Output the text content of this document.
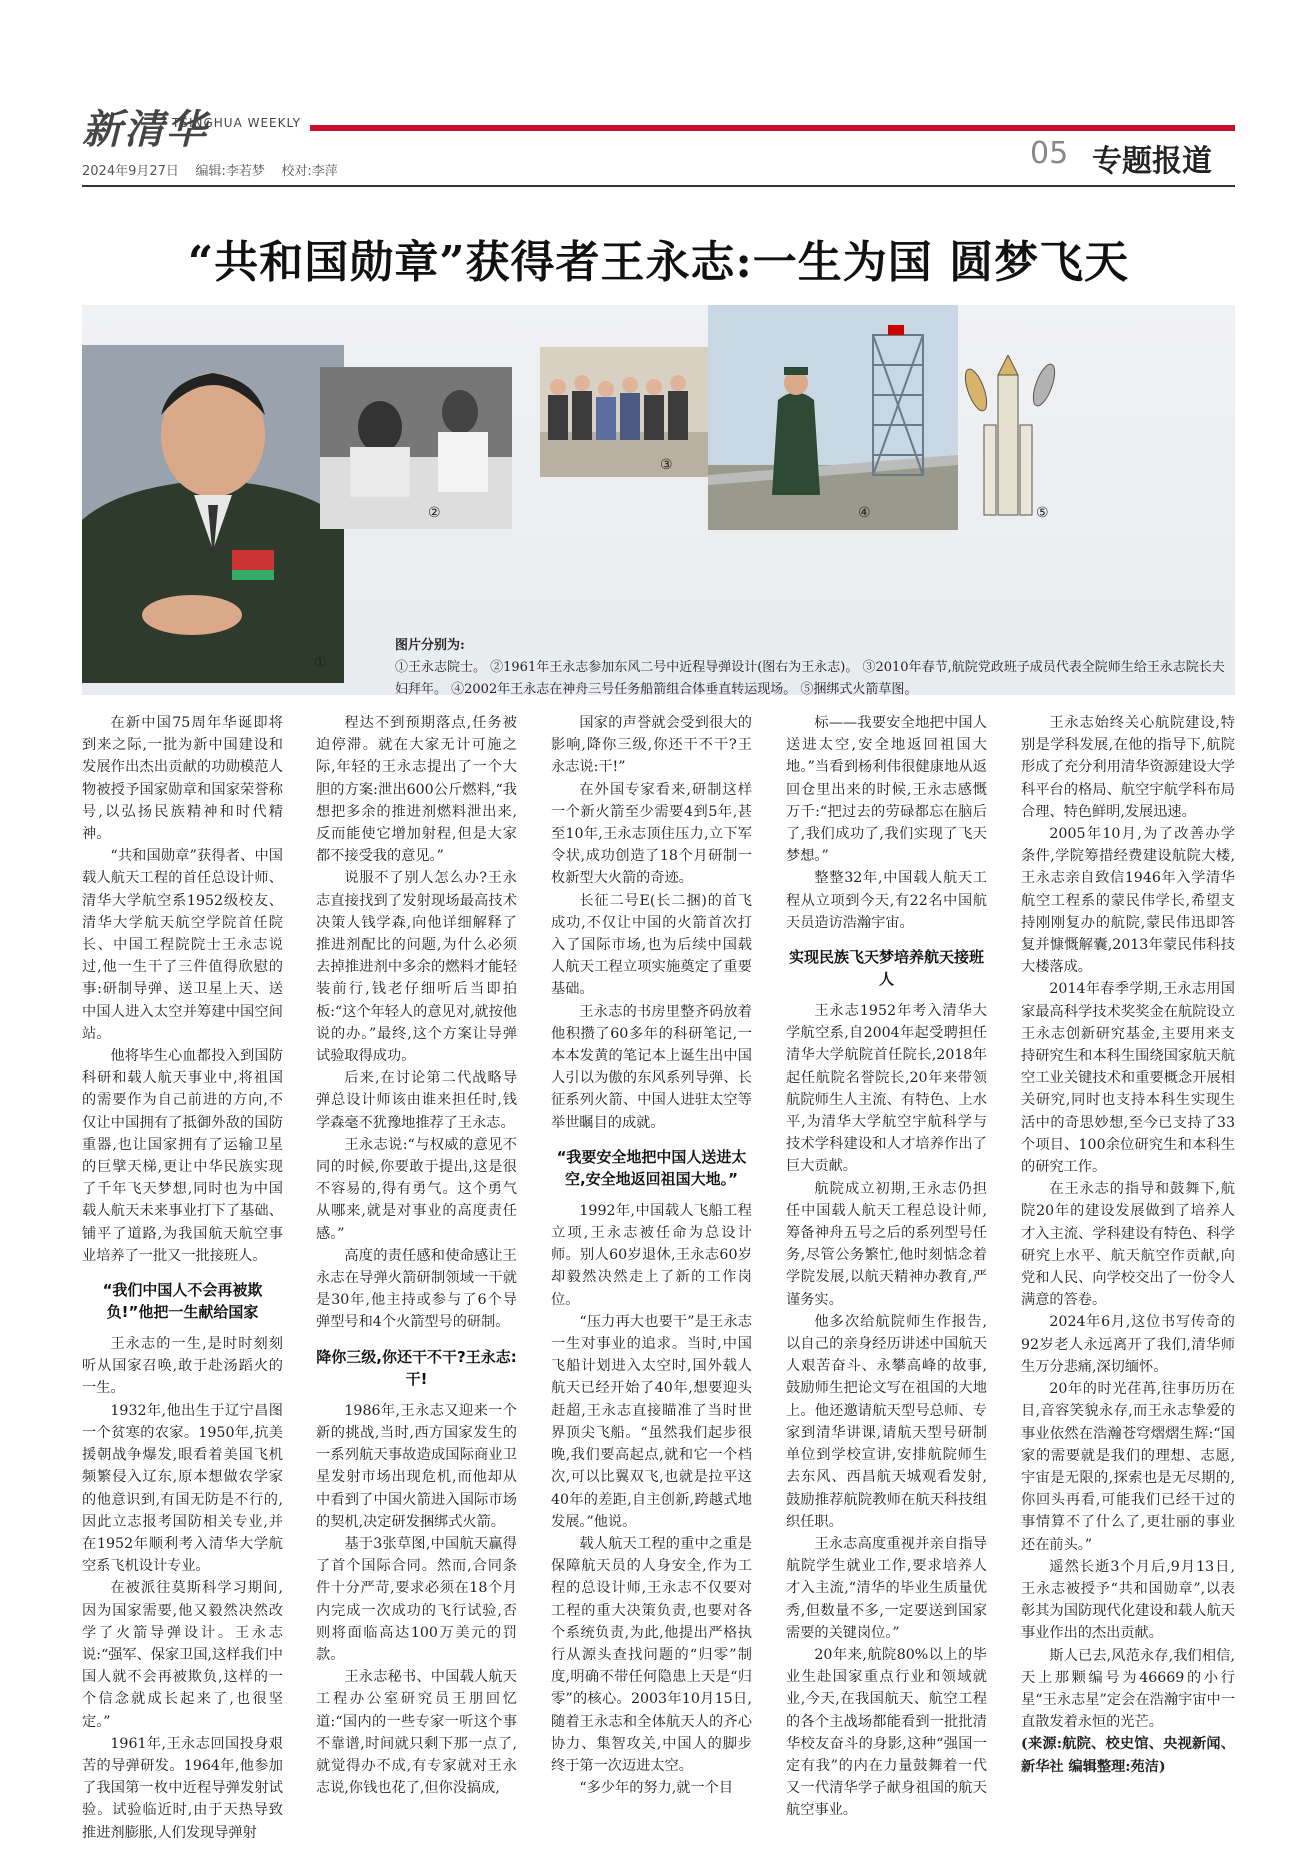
新清华
TSINGHUA WEEKLY
2024年9月27日 编辑:李若梦 校对:李萍
05 专题报道
“共和国勋章”获得者王永志:一生为国 圆梦飞天
①
②
③
④	⑤
图片分别为:
①王永志院士。 ②1961年王永志参加东风二号中近程导弹设计(图右为王永志)。 ③2010年春节,航院党政班子成员代表全院师生给王永志院长夫妇拜年。 ④2002年王永志在神舟三号任务船箭组合体垂直转运现场。 ⑤捆绑式火箭草图。

在新中国75周年华诞即将到来之际,一批为新中国建设和发展作出杰出贡献的功勋模范人物被授予国家勋章和国家荣誉称号,以弘扬民族精神和时代精神。

“共和国勋章”获得者、中国载人航天工程的首任总设计师、清华大学航空系1952级校友、清华大学航天航空学院首任院长、中国工程院院士王永志说过,他一生干了三件值得欣慰的事:研制导弹、送卫星上天、送中国人进入太空并筹建中国空间站。

他将毕生心血都投入到国防科研和载人航天事业中,将祖国的需要作为自己前进的方向,不仅让中国拥有了抵御外敌的国防重器,也让国家拥有了运输卫星的巨擘天梯,更让中华民族实现了千年飞天梦想,同时也为中国载人航天未来事业打下了基础、铺平了道路,为我国航天航空事业培养了一批又一批接班人。

“我们中国人不会再被欺负!”他把一生献给国家

王永志的一生,是时时刻刻听从国家召唤,敢于赴汤蹈火的一生。

1932年,他出生于辽宁昌图一个贫寒的农家。1950年,抗美援朝战争爆发,眼看着美国飞机频繁侵入辽东,原本想做农学家的他意识到,有国无防是不行的,因此立志报考国防相关专业,并在1952年顺利考入清华大学航空系飞机设计专业。

在被派往莫斯科学习期间,因为国家需要,他又毅然决然改学了火箭导弹设计。王永志说:“强军、保家卫国,这样我们中国人就不会再被欺负,这样的一个信念就成长起来了,也很坚定。”

1961年,王永志回国投身艰苦的导弹研发。1964年,他参加了我国第一枚中近程导弹发射试验。试验临近时,由于天热导致推进剂膨胀,人们发现导弹射

程达不到预期落点,任务被迫停滞。就在大家无计可施之际,年轻的王永志提出了一个大胆的方案:泄出600公斤燃料,“我想把多余的推进剂燃料泄出来,反而能使它增加射程,但是大家都不接受我的意见。”

说服不了别人怎么办?王永志直接找到了发射现场最高技术决策人钱学森,向他详细解释了推进剂配比的问题,为什么必须去掉推进剂中多余的燃料才能轻装前行,钱老仔细听后当即拍板:“这个年轻人的意见对,就按他说的办。”最终,这个方案让导弹试验取得成功。

后来,在讨论第二代战略导弹总设计师该由谁来担任时,钱学森毫不犹豫地推荐了王永志。

王永志说:“与权威的意见不同的时候,你要敢于提出,这是很不容易的,得有勇气。这个勇气从哪来,就是对事业的高度责任感。”

高度的责任感和使命感让王永志在导弹火箭研制领域一干就是30年,他主持或参与了6个导弹型号和4个火箭型号的研制。

降你三级,你还干不干?王永志:干!

1986年,王永志又迎来一个新的挑战,当时,西方国家发生的一系列航天事故造成国际商业卫星发射市场出现危机,而他却从中看到了中国火箭进入国际市场的契机,决定研发捆绑式火箭。

基于3张草图,中国航天赢得了首个国际合同。然而,合同条件十分严苛,要求必须在18个月内完成一次成功的飞行试验,否则将面临高达100万美元的罚款。

王永志秘书、中国载人航天工程办公室研究员王朋回忆道:“国内的一些专家一听这个事不靠谱,时间就只剩下那一点了,就觉得办不成,有专家就对王永志说,你钱也花了,但你没搞成,

国家的声誉就会受到很大的影响,降你三级,你还干不干?王永志说:干!”

在外国专家看来,研制这样一个新火箭至少需要4到5年,甚至10年,王永志顶住压力,立下军令状,成功创造了18个月研制一枚新型大火箭的奇迹。

长征二号E(长二捆)的首飞成功,不仅让中国的火箭首次打入了国际市场,也为后续中国载人航天工程立项实施奠定了重要基础。

王永志的书房里整齐码放着他积攒了60多年的科研笔记,一本本发黄的笔记本上诞生出中国人引以为傲的东风系列导弹、长征系列火箭、中国人进驻太空等举世瞩目的成就。

“我要安全地把中国人送进太空,安全地返回祖国大地。”

1992年,中国载人飞船工程立项,王永志被任命为总设计师。别人60岁退休,王永志60岁却毅然决然走上了新的工作岗位。

“压力再大也要干”是王永志一生对事业的追求。当时,中国飞船计划进入太空时,国外载人航天已经开始了40年,想要迎头赶超,王永志直接瞄准了当时世界顶尖飞船。“虽然我们起步很晚,我们要高起点,就和它一个档次,可以比翼双飞,也就是拉平这40年的差距,自主创新,跨越式地发展。”他说。

载人航天工程的重中之重是保障航天员的人身安全,作为工程的总设计师,王永志不仅要对工程的重大决策负责,也要对各个系统负责,为此,他提出严格执行从源头查找问题的“归零”制度,明确不带任何隐患上天是“归零”的核心。2003年10月15日,随着王永志和全体航天人的齐心协力、集智攻关,中国人的脚步终于第一次迈进太空。

“多少年的努力,就一个目

标——我要安全地把中国人送进太空,安全地返回祖国大地。”当看到杨利伟很健康地从返回仓里出来的时候,王永志感慨万千:“把过去的劳碌都忘在脑后了,我们成功了,我们实现了飞天梦想。”

整整32年,中国载人航天工程从立项到今天,有22名中国航天员造访浩瀚宇宙。

实现民族飞天梦培养航天接班人

王永志1952年考入清华大学航空系,自2004年起受聘担任清华大学航院首任院长,2018年起任航院名誉院长,20年来带领航院师生人主流、有特色、上水平,为清华大学航空宇航科学与技术学科建设和人才培养作出了巨大贡献。

航院成立初期,王永志仍担任中国载人航天工程总设计师,筹备神舟五号之后的系列型号任务,尽管公务繁忙,他时刻惦念着学院发展,以航天精神办教育,严谨务实。

他多次给航院师生作报告,以自己的亲身经历讲述中国航天人艰苦奋斗、永攀高峰的故事,鼓励师生把论文写在祖国的大地上。他还邀请航天型号总师、专家到清华讲课,请航天型号研制单位到学校宣讲,安排航院师生去东风、西昌航天城观看发射,鼓励推荐航院教师在航天科技组织任职。

王永志高度重视并亲自指导航院学生就业工作,要求培养人才入主流,“清华的毕业生质量优秀,但数量不多,一定要送到国家需要的关键岗位。”

20年来,航院80%以上的毕业生赴国家重点行业和领域就业,今天,在我国航天、航空工程的各个主战场都能看到一批批清华校友奋斗的身影,这种“强国一定有我”的内在力量鼓舞着一代又一代清华学子献身祖国的航天航空事业。

王永志始终关心航院建设,特别是学科发展,在他的指导下,航院形成了充分利用清华资源建设大学科平台的格局、航空宇航学科布局合理、特色鲜明,发展迅速。

2005年10月,为了改善办学条件,学院筹措经费建设航院大楼,王永志亲自致信1946年入学清华航空工程系的蒙民伟学长,希望支持刚刚复办的航院,蒙民伟迅即答复并慷慨解囊,2013年蒙民伟科技大楼落成。

2014年春季学期,王永志用国家最高科学技术奖奖金在航院设立王永志创新研究基金,主要用来支持研究生和本科生围绕国家航天航空工业关键技术和重要概念开展相关研究,同时也支持本科生实现生活中的奇思妙想,至今已支持了33个项目、100余位研究生和本科生的研究工作。

在王永志的指导和鼓舞下,航院20年的建设发展做到了培养人才入主流、学科建设有特色、科学研究上水平、航天航空作贡献,向党和人民、向学校交出了一份令人满意的答卷。

2024年6月,这位书写传奇的92岁老人永远离开了我们,清华师生万分悲痛,深切缅怀。

20年的时光荏苒,往事历历在目,音容笑貌永存,而王永志挚爱的事业依然在浩瀚苍穹熠熠生辉:“国家的需要就是我们的理想、志愿,宇宙是无限的,探索也是无尽期的,你回头再看,可能我们已经干过的事情算不了什么了,更壮丽的事业还在前头。”

遥然长逝3个月后,9月13日,王永志被授予“共和国勋章”,以表彰其为国防现代化建设和载人航天事业作出的杰出贡献。

斯人已去,风范永存,我们相信,天上那颗编号为46669的小行星“王永志星”定会在浩瀚宇宙中一直散发着永恒的光芒。

(来源:航院、校史馆、央视新闻、新华社 编辑整理:苑洁)
